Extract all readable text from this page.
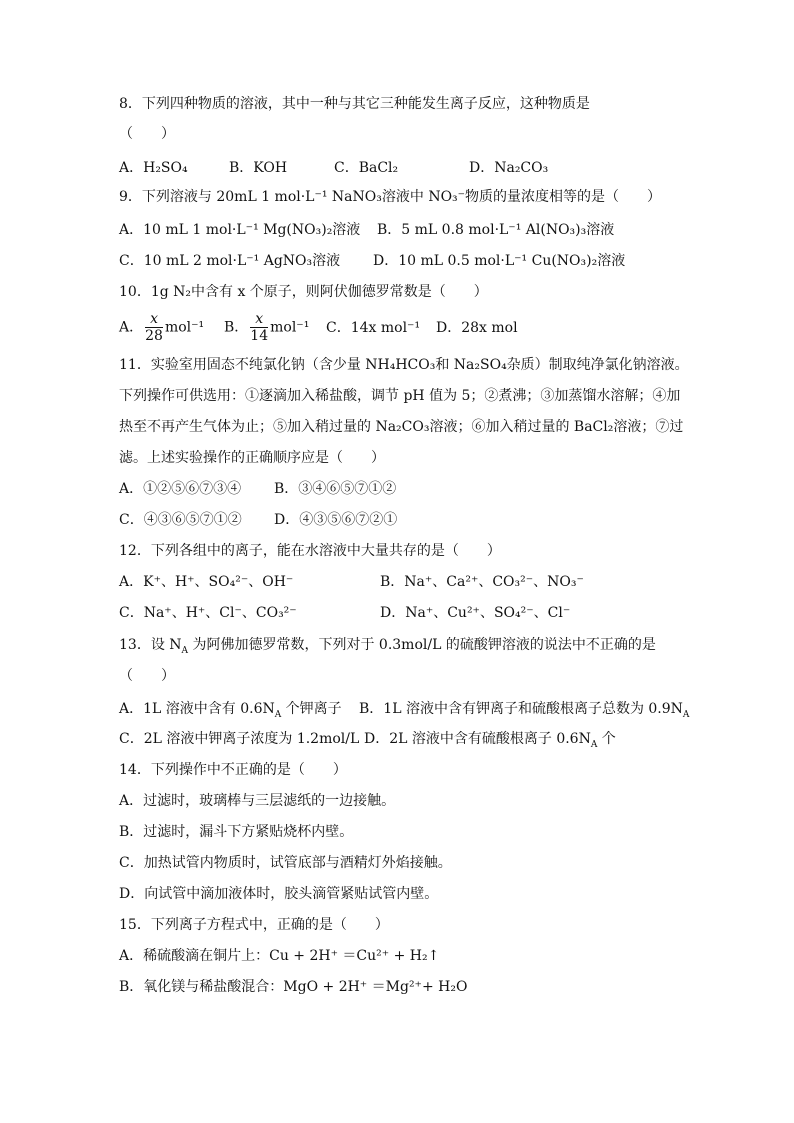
8．下列四种物质的溶液，其中一种与其它三种能发生离子反应，这种物质是
（　　）
A．H₂SO₄	B．KOH	C．BaCl₂	D．Na₂CO₃
9．下列溶液与 20mL 1 mol·L⁻¹ NaNO₃溶液中 NO₃⁻物质的量浓度相等的是（　　）
A．10 mL 1 mol·L⁻¹ Mg(NO₃)₂溶液 B．5 mL 0.8 mol·L⁻¹ Al(NO₃)₃溶液
C．10 mL 2 mol·L⁻¹ AgNO₃溶液 D．10 mL 0.5 mol·L⁻¹ Cu(NO₃)₂溶液
10．1g N₂中含有 x 个原子，则阿伏伽德罗常数是（　　）
A． $\frac{x}{28} mol^{-1}$ B． $\frac{x}{14} mol^{-1}$ C．14x mol⁻¹ D．28x mol
11．实验室用固态不纯氯化钠（含少量 NH₄HCO₃和 Na₂SO₄杂质）制取纯净氯化钠溶液。
下列操作可供选用：①逐滴加入稀盐酸，调节 pH 值为 5；②煮沸；③加蒸馏水溶解；④加
热至不再产生气体为止；⑤加入稍过量的 Na₂CO₃溶液；⑥加入稍过量的 BaCl₂溶液；⑦过
滤。上述实验操作的正确顺序应是（　　）
A．①②⑤⑥⑦③④ B．③④⑥⑤⑦①②
C．④③⑥⑤⑦①② D．④③⑤⑥⑦②①
12．下列各组中的离子，能在水溶液中大量共存的是（　　）
A．K⁺、H⁺、SO₄²⁻、OH⁻	B．Na⁺、Ca²⁺、CO₃²⁻、NO₃⁻
C．Na⁺、H⁺、Cl⁻、CO₃²⁻	D．Na⁺、Cu²⁺、SO₄²⁻、Cl⁻
13．设 $N_A$ 为阿佛加德罗常数，下列对于 0.3mol/L 的硫酸钾溶液的说法中不正确的是
（　　）
A．1L 溶液中含有 $0.6N_A$ 个钾离子 B．1L 溶液中含有钾离子和硫酸根离子总数为 $0.9N_A$
C．2L 溶液中钾离子浓度为 1.2mol/L D．2L 溶液中含有硫酸根离子 $0.6N_A$ 个
14．下列操作中不正确的是（　　）
A．过滤时，玻璃棒与三层滤纸的一边接触。
B．过滤时，漏斗下方紧贴烧杯内壁。
C．加热试管内物质时，试管底部与酒精灯外焰接触。
D．向试管中滴加液体时，胶头滴管紧贴试管内壁。
15．下列离子方程式中，正确的是（　　）
A．稀硫酸滴在铜片上：Cu + 2H⁺ ＝Cu²⁺ + H₂↑
B．氧化镁与稀盐酸混合：MgO + 2H⁺ ＝Mg²⁺+ H₂O
